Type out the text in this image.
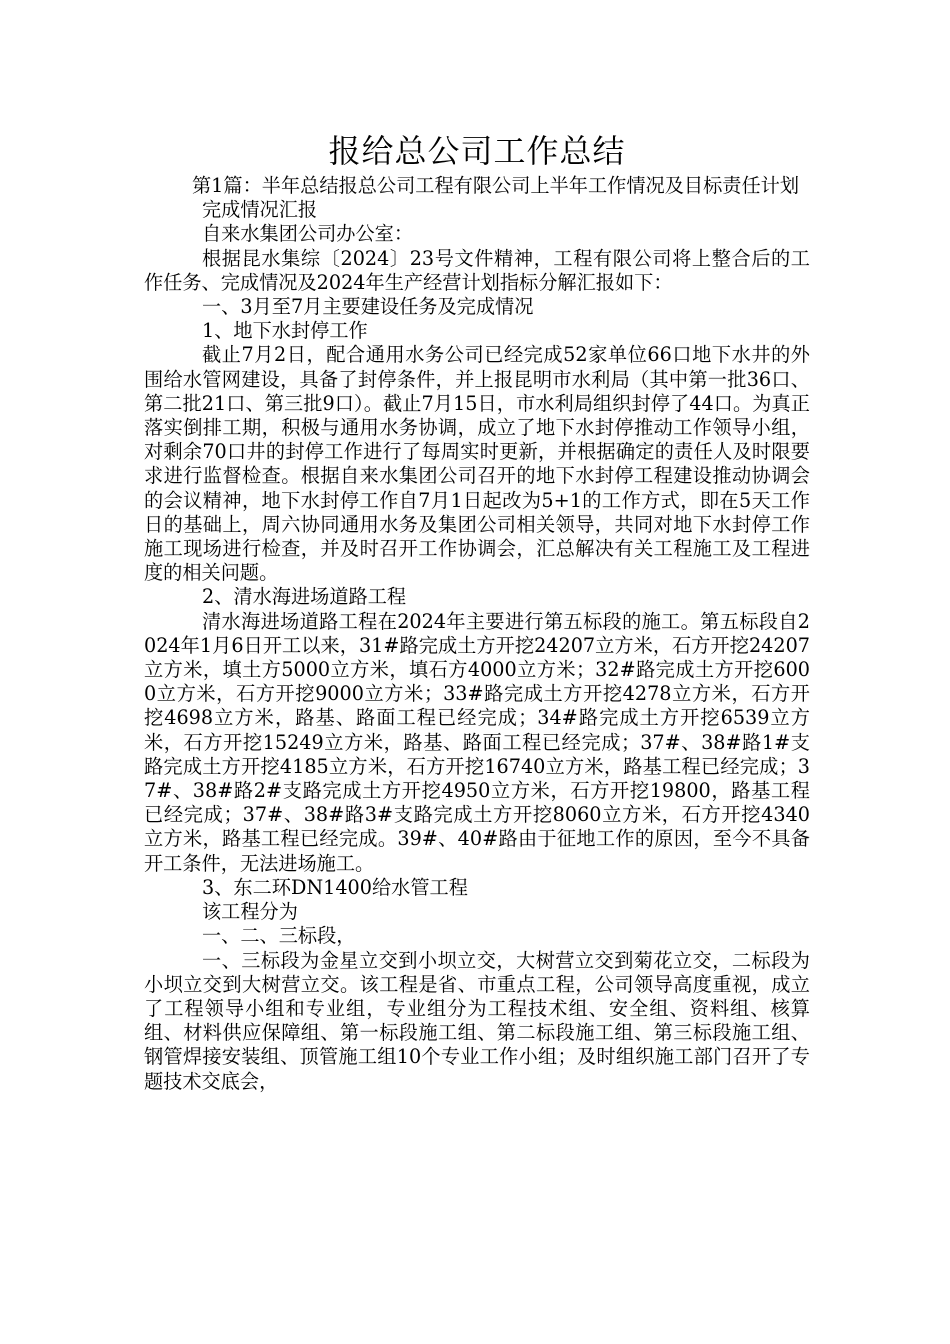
报给总公司工作总结

第1篇：半年总结报总公司工程有限公司上半年工作情况及目标责任计划

完成情况汇报

自来水集团公司办公室：

根据昆水集综〔2024〕23号文件精神，工程有限公司将上整合后的工作任务、完成情况及2024年生产经营计划指标分解汇报如下：

一、3月至7月主要建设任务及完成情况

1、地下水封停工作

截止7月2日，配合通用水务公司已经完成52家单位66口地下水井的外围给水管网建设，具备了封停条件，并上报昆明市水利局（其中第一批36口、第二批21口、第三批9口）。截止7月15日，市水利局组织封停了44口。为真正落实倒排工期，积极与通用水务协调，成立了地下水封停推动工作领导小组，对剩余70口井的封停工作进行了每周实时更新，并根据确定的责任人及时限要求进行监督检查。根据自来水集团公司召开的地下水封停工程建设推动协调会的会议精神，地下水封停工作自7月1日起改为5+1的工作方式，即在5天工作日的基础上，周六协同通用水务及集团公司相关领导，共同对地下水封停工作施工现场进行检查，并及时召开工作协调会，汇总解决有关工程施工及工程进度的相关问题。

2、清水海进场道路工程

清水海进场道路工程在2024年主要进行第五标段的施工。第五标段自2024年1月6日开工以来，31#路完成土方开挖24207立方米，石方开挖24207立方米，填土方5000立方米，填石方4000立方米；32#路完成土方开挖6000立方米，石方开挖9000立方米；33#路完成土方开挖4278立方米，石方开挖4698立方米，路基、路面工程已经完成；34#路完成土方开挖6539立方米，石方开挖15249立方米，路基、路面工程已经完成；37#、38#路1#支路完成土方开挖4185立方米，石方开挖16740立方米，路基工程已经完成；37#、38#路2#支路完成土方开挖4950立方米，石方开挖19800，路基工程已经完成；37#、38#路3#支路完成土方开挖8060立方米，石方开挖4340立方米，路基工程已经完成。39#、40#路由于征地工作的原因，至今不具备开工条件，无法进场施工。

3、东二环DN1400给水管工程

该工程分为

一、二、三标段，

一、三标段为金星立交到小坝立交，大树营立交到菊花立交，二标段为小坝立交到大树营立交。该工程是省、市重点工程，公司领导高度重视，成立了工程领导小组和专业组，专业组分为工程技术组、安全组、资料组、核算组、材料供应保障组、第一标段施工组、第二标段施工组、第三标段施工组、钢管焊接安装组、顶管施工组10个专业工作小组；及时组织施工部门召开了专题技术交底会，
